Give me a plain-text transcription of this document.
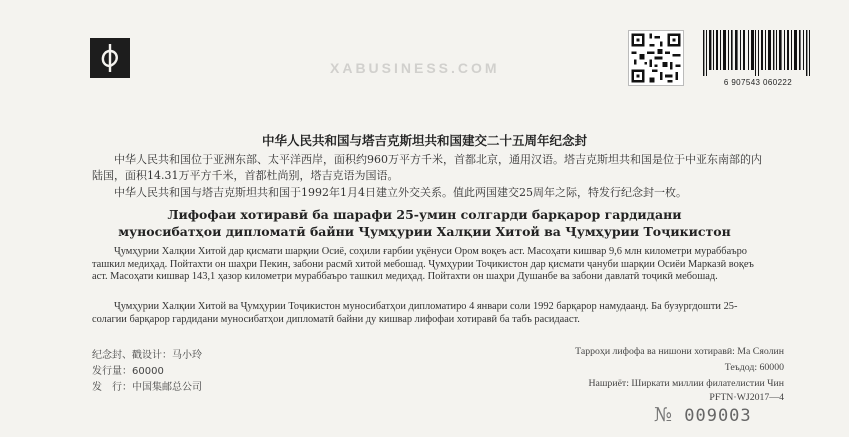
XABUSINESS.COM
6 907543 060222
中华人民共和国与塔吉克斯坦共和国建交二十五周年纪念封

中华人民共和国位于亚洲东部、太平洋西岸，面积约960万平方千米，首都北京，通用汉语。塔吉克斯坦共和国是位于中亚东南部的内陆国，面积14.31万平方千米，首都杜尚别，塔吉克语为国语。

中华人民共和国与塔吉克斯坦共和国于1992年1月4日建立外交关系。值此两国建交25周年之际，特发行纪念封一枚。

Лифофаи хотиравӣ ба шарафи 25-умин солгарди барқарор гардидани
муносибатҳои дипломатӣ байни Ҷумҳурии Халқии Хитой ва Ҷумҳурии Тоҷикистон

Ҷумҳурии Халқии Хитой дар қисмати шарқии Осиё, соҳили ғарбии уқёнуси Ором воқеъ аст. Масоҳати кишвар 9,6 млн километри мураббаъро ташкил медиҳад. Пойтахти он шаҳри Пекин, забони расмӣ хитой мебошад. Ҷумҳурии Тоҷикистон дар қисмати ҷануби шарқии Осиёи Марказӣ воқеъ аст. Масоҳати кишвар 143,1 ҳазор километри мураббаъро ташкил медиҳад. Пойтахти он шаҳри Душанбе ва забони давлатӣ тоҷикӣ мебошад.

Ҷумҳурии Халқии Хитой ва Ҷумҳурии Тоҷикистон муносибатҳои дипломатиро 4 январи соли 1992 барқарор намудаанд. Ба бузургдошти 25-солагии барқарор гардидани муносибатҳои дипломатӣ байни ду кишвар лифофаи хотиравӣ ба табъ расидааст.

纪念封、戳设计：马小玲
发行量：60000
发　行：中国集邮总公司
Тарроҳи лифофа ва нишони хотиравӣ: Ма Сяолин
Теъдод: 60000
Нашриёт: Ширкати миллии филателистии Чин
PFTN·WJ2017—4
№ 009003
